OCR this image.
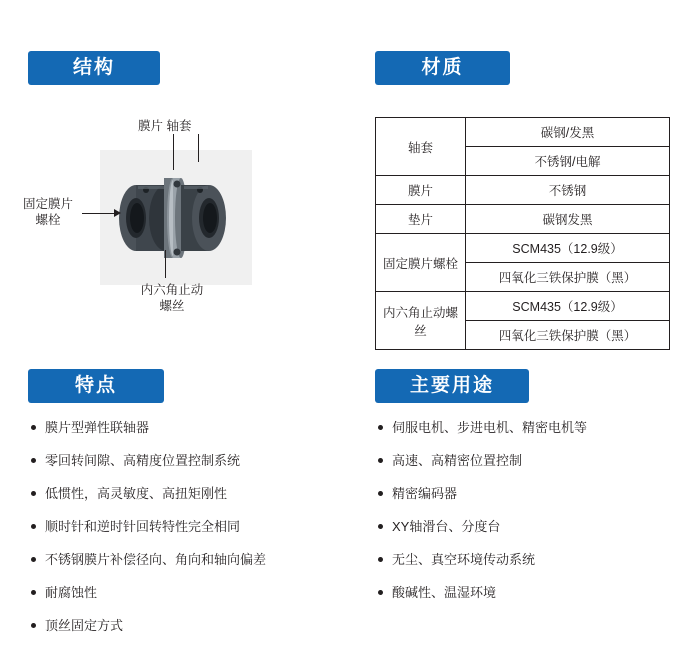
结构	材质
特点	主要用途
膜片 轴套
固定膜片螺栓
内六角止动螺丝
轴套	碳钢/发黑
	不锈钢/电解
膜片	不锈钢
垫片	碳钢发黑
固定膜片螺栓	SCM435（12.9级）
	四氧化三铁保护膜（黑）
内六角止动螺丝	SCM435（12.9级）
	四氧化三铁保护膜（黑）
膜片型弹性联轴器
零回转间隙、高精度位置控制系统
低惯性，高灵敏度、高扭矩刚性
顺时针和逆时针回转特性完全相同
不锈钢膜片补偿径向、角向和轴向偏差
耐腐蚀性
顶丝固定方式
伺服电机、步进电机、精密电机等
高速、高精密位置控制
精密编码器
XY轴滑台、分度台
无尘、真空环境传动系统
酸碱性、温湿环境
